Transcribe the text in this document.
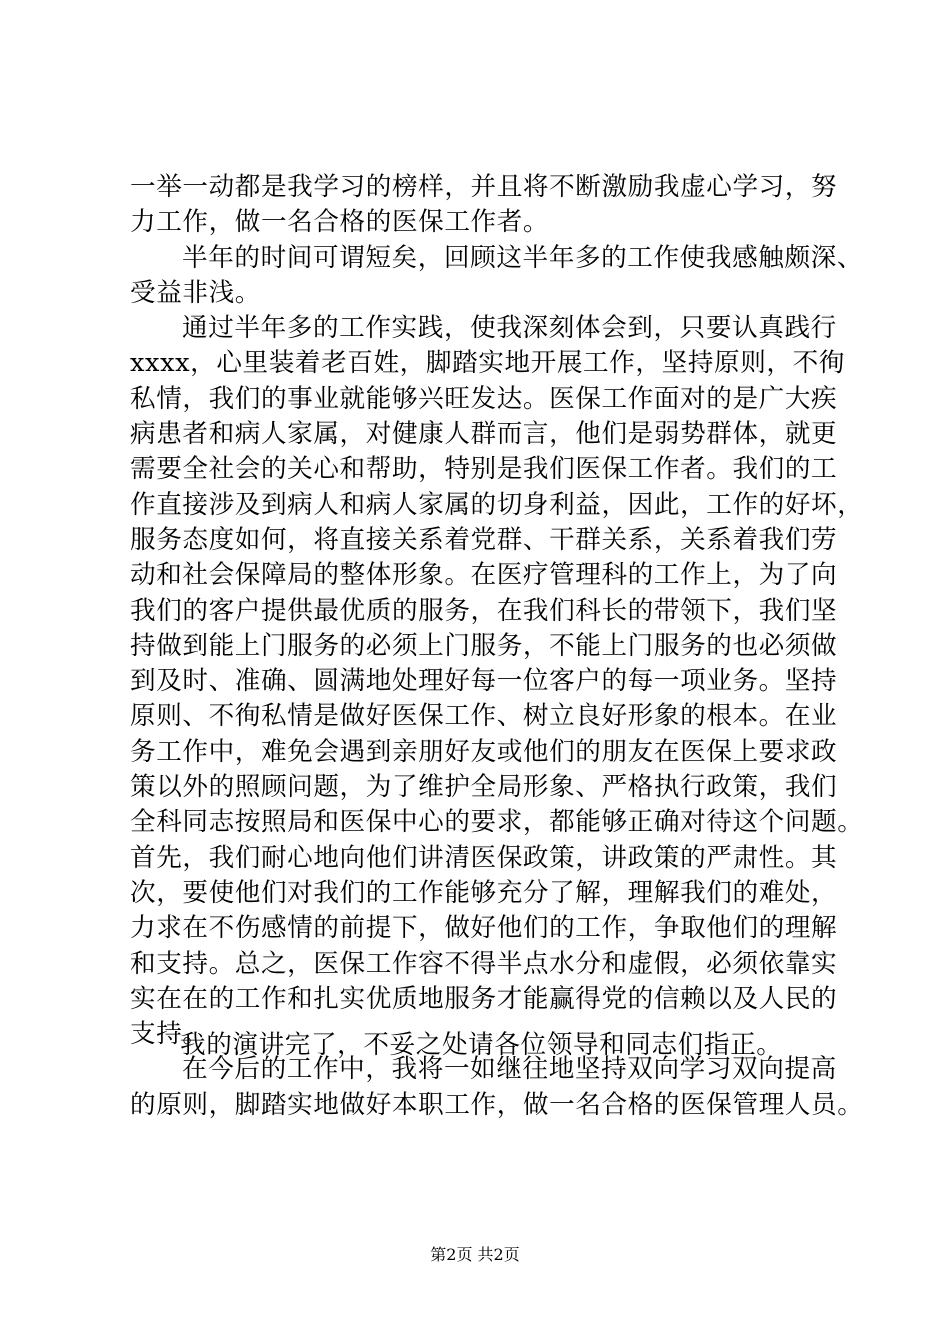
一举一动都是我学习的榜样，并且将不断激励我虚心学习，努
力工作，做一名合格的医保工作者。
半年的时间可谓短矣，回顾这半年多的工作使我感触颇深、
受益非浅。
通过半年多的工作实践，使我深刻体会到，只要认真践行
xxxx，心里装着老百姓，脚踏实地开展工作，坚持原则，不徇
私情，我们的事业就能够兴旺发达。医保工作面对的是广大疾
病患者和病人家属，对健康人群而言，他们是弱势群体，就更
需要全社会的关心和帮助，特别是我们医保工作者。我们的工
作直接涉及到病人和病人家属的切身利益，因此，工作的好坏，
服务态度如何，将直接关系着党群、干群关系，关系着我们劳
动和社会保障局的整体形象。在医疗管理科的工作上，为了向
我们的客户提供最优质的服务，在我们科长的带领下，我们坚
持做到能上门服务的必须上门服务，不能上门服务的也必须做
到及时、准确、圆满地处理好每一位客户的每一项业务。坚持
原则、不徇私情是做好医保工作、树立良好形象的根本。在业
务工作中，难免会遇到亲朋好友或他们的朋友在医保上要求政
策以外的照顾问题，为了维护全局形象、严格执行政策，我们
全科同志按照局和医保中心的要求，都能够正确对待这个问题。
首先，我们耐心地向他们讲清医保政策，讲政策的严肃性。其
次，要使他们对我们的工作能够充分了解，理解我们的难处，
力求在不伤感情的前提下，做好他们的工作，争取他们的理解
和支持。总之，医保工作容不得半点水分和虚假，必须依靠实
实在在的工作和扎实优质地服务才能赢得党的信赖以及人民的
支持。
在今后的工作中，我将一如继往地坚持双向学习双向提高
的原则，脚踏实地做好本职工作，做一名合格的医保管理人员。
我的演讲完了，不妥之处请各位领导和同志们指正。
第2页 共2页
